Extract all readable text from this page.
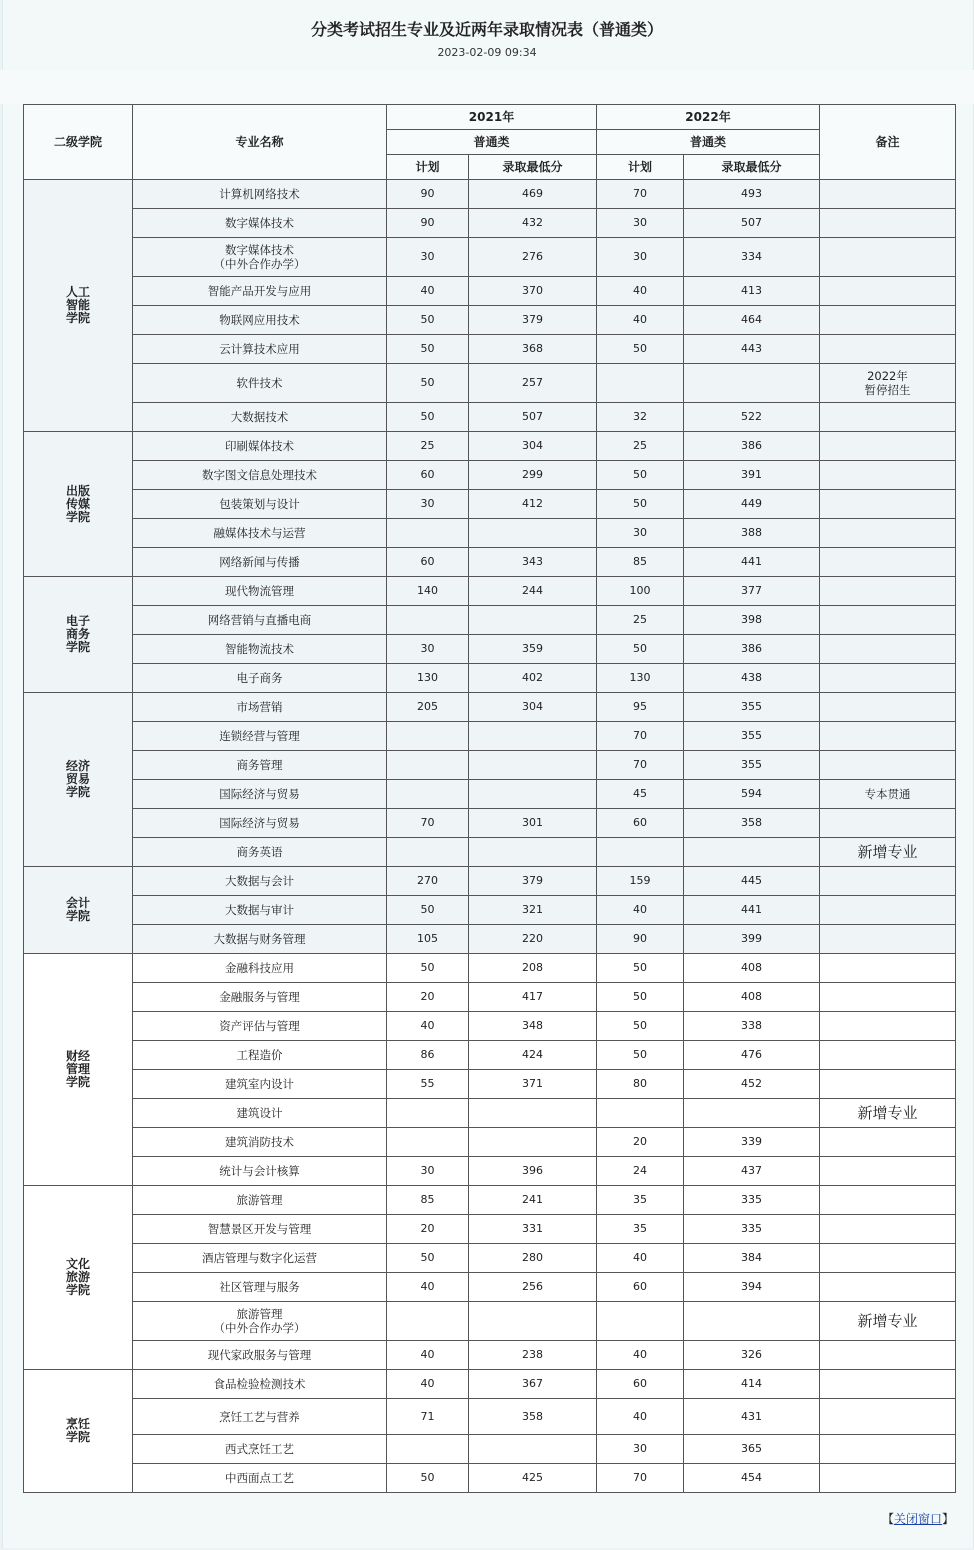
分类考试招生专业及近两年录取情况表（普通类）
2023-02-09 09:34
二级学院	专业名称	2021年		2022年		备注
		普通类		普通类		
		计划	录取最低分	计划	录取最低分	

人工
智能
学院	计算机网络技术	90	469	70	493	

	数字媒体技术	90	432	30	507	

	数字媒体技术
（中外合作办学）	30	276	30	334	

	智能产品开发与应用	40	370	40	413	

	物联网应用技术	50	379	40	464	

	云计算技术应用	50	368	50	443	

	软件技术	50	257			2022年
暂停招生

	大数据技术	50	507	32	522	

出版
传媒
学院	印刷媒体技术	25	304	25	386	

	数字图文信息处理技术	60	299	50	391	

	包装策划与设计	30	412	50	449	

	融媒体技术与运营			30	388	

	网络新闻与传播	60	343	85	441	

电子
商务
学院	现代物流管理	140	244	100	377	

	网络营销与直播电商			25	398	

	智能物流技术	30	359	50	386	

	电子商务	130	402	130	438	

经济
贸易
学院	市场营销	205	304	95	355	

	连锁经营与管理			70	355	

	商务管理			70	355	

	国际经济与贸易			45	594	专本贯通

	国际经济与贸易	70	301	60	358	

	商务英语					新增专业

会计
学院	大数据与会计	270	379	159	445	

	大数据与审计	50	321	40	441	

	大数据与财务管理	105	220	90	399	

财经
管理
学院	金融科技应用	50	208	50	408	

	金融服务与管理	20	417	50	408	

	资产评估与管理	40	348	50	338	

	工程造价	86	424	50	476	

	建筑室内设计	55	371	80	452	

	建筑设计					新增专业

	建筑消防技术			20	339	

	统计与会计核算	30	396	24	437	

文化
旅游
学院	旅游管理	85	241	35	335	

	智慧景区开发与管理	20	331	35	335	

	酒店管理与数字化运营	50	280	40	384	

	社区管理与服务	40	256	60	394	

	旅游管理
（中外合作办学）					新增专业

	现代家政服务与管理	40	238	40	326	

烹饪
学院	食品检验检测技术	40	367	60	414	

	烹饪工艺与营养	71	358	40	431	

	西式烹饪工艺			30	365	

	中西面点工艺	50	425	70	454	
【关闭窗口】
